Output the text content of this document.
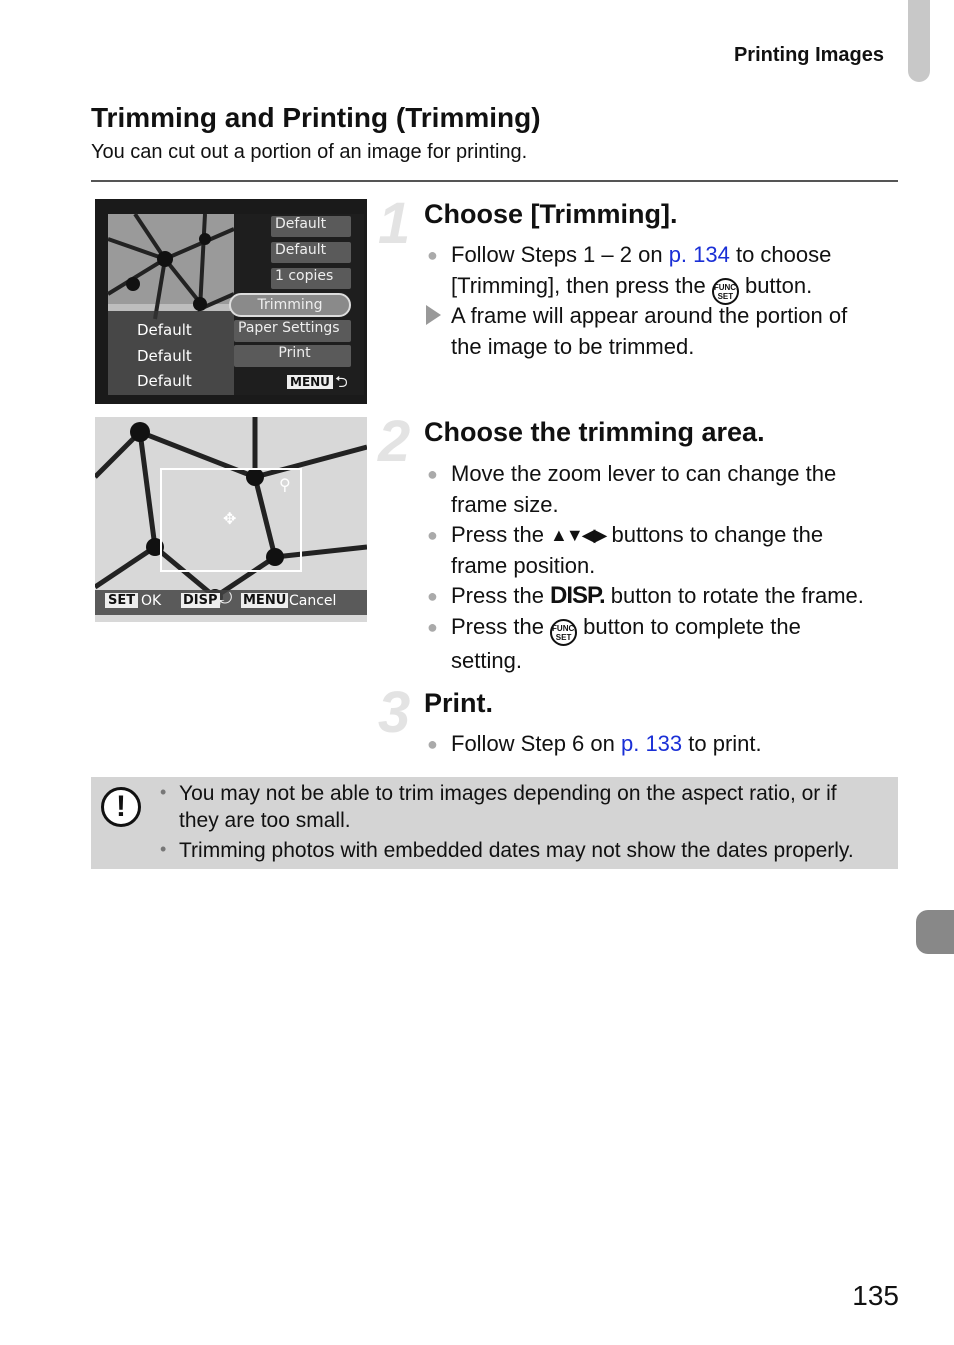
Printing Images
Trimming and Printing (Trimming)
You can cut out a portion of an image for printing.
Default
Default
Default
Default
Default
1 copies
Trimming
Paper Settings
Print
MENU ⮌
SET OK DISP ⤾ MENU Cancel
⚲
✥
1 Choose [Trimming].
● Follow Steps 1 – 2 on p. 134 to choose
[Trimming], then press the FUNC.
SET button.
A frame will appear around the portion of
the image to be trimmed.
2 Choose the trimming area.
● Move the zoom lever to can change the
frame size.
● Press the ▲▼◀▶ buttons to change the
frame position.
● Press the DISP. button to rotate the frame.
● Press the FUNC.
SET button to complete the
setting.
3 Print.
● Follow Step 6 on p. 133 to print.
!	• You may not be able to trim images depending on the aspect ratio, or if
they are too small.
• Trimming photos with embedded dates may not show the dates properly.
135
